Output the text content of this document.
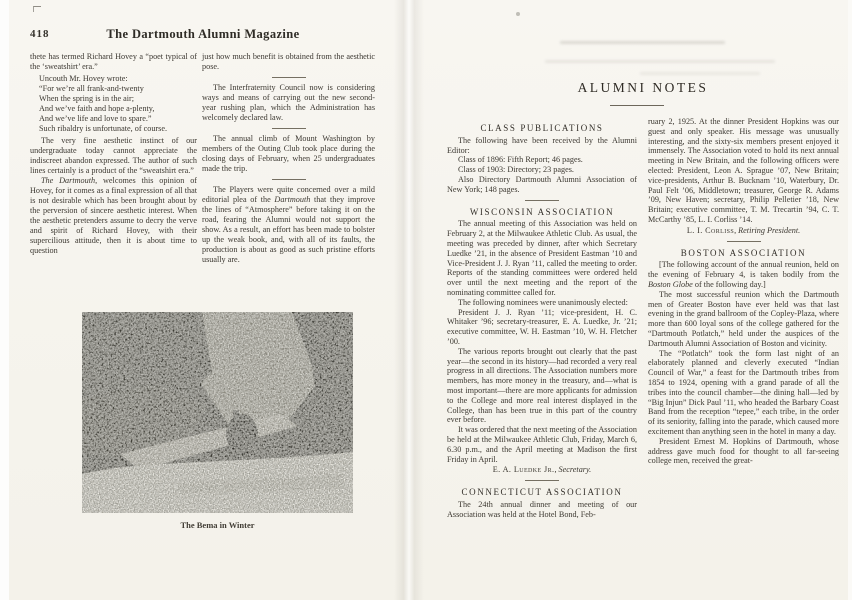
418	The Dartmouth Alumni Magazine
thete has termed Richard Hovey a “poet typical of the ‘sweatshirt’ era.”
Uncouth Mr. Hovey wrote:
“For we’re all frank-and-twenty
When the spring is in the air;
And we’ve faith and hope a-plenty,
And we’ve life and love to spare.”
Such ribaldry is unfortunate, of course.
The very fine aesthetic instinct of our undergraduate today cannot appreciate the indiscreet abandon expressed. The author of such lines certainly is a product of the “sweatshirt era.”
The Dartmouth, welcomes this opinion of Hovey, for it comes as a final expression of all that is not desirable which has been brought about by the perversion of sincere aesthetic interest. When the aesthetic pretenders assume to decry the verve and spirit of Richard Hovey, with their supercilious attitude, then it is about time to question
just how much benefit is obtained from the aesthetic pose.
The Interfraternity Council now is considering ways and means of carrying out the new second-year rushing plan, which the Administration has welcomely declared law.
The annual climb of Mount Washington by members of the Outing Club took place during the closing days of February, when 25 undergraduates made the trip.
The Players were quite concerned over a mild editorial plea of the Dartmouth that they improve the lines of “Atmosphere” before taking it on the road, fearing the Alumni would not support the show. As a result, an effort has been made to bolster up the weak book, and, with all of its faults, the production is about as good as such pristine efforts usually are.
The Bema in Winter
ALUMNI NOTES
CLASS PUBLICATIONS
The following have been received by the Alumni Editor:
Class of 1896: Fifth Report; 46 pages.
Class of 1903: Directory; 23 pages.
Also Directory Dartmouth Alumni Association of New York; 148 pages.
WISCONSIN ASSOCIATION
The annual meeting of this Association was held on February 2, at the Milwaukee Athletic Club. As usual, the meeting was preceded by dinner, after which Secretary Luedke ’21, in the absence of President Eastman ’10 and Vice-President J. J. Ryan ’11, called the meeting to order. Reports of the standing committees were ordered held over until the next meeting and the report of the nominating committee called for.
The following nominees were unanimously elected:
President J. J. Ryan ’11; vice-president, H. C. Whitaker ’96; secretary-treasurer, E. A. Luedke, Jr. ’21; executive committee, W. H. Eastman ’10, W. H. Fletcher ’00.
The various reports brought out clearly that the past year—the second in its history—had recorded a very real progress in all directions. The Association numbers more members, has more money in the treasury, and—what is most important—there are more applicants for admission to the College and more real interest displayed in the College, than has been true in this part of the country ever before.
It was ordered that the next meeting of the Association be held at the Milwaukee Athletic Club, Friday, March 6, 6.30 p.m., and the April meeting at Madison the first Friday in April.
E. A. Luedke Jr., Secretary.
CONNECTICUT ASSOCIATION
The 24th annual dinner and meeting of our Association was held at the Hotel Bond, Feb-
ruary 2, 1925. At the dinner President Hopkins was our guest and only speaker. His message was unusually interesting, and the sixty-six members present enjoyed it immensely. The Association voted to hold its next annual meeting in New Britain, and the following officers were elected: President, Leon A. Sprague ’07, New Britain; vice-presidents, Arthur B. Bucknam ’10, Waterbury, Dr. Paul Felt ’06, Middletown; treasurer, George R. Adams ’09, New Haven; secretary, Philip Pelletier ’18, New Britain; executive committee, T. M. Trecartin ’94, C. T. McCarthy ’85, L. I. Corliss ’14.
L. I. Corliss, Retiring President.
BOSTON ASSOCIATION
[The following account of the annual reunion, held on the evening of February 4, is taken bodily from the Boston Globe of the following day.]
The most successful reunion which the Dartmouth men of Greater Boston have ever held was that last evening in the grand ballroom of the Copley-Plaza, where more than 600 loyal sons of the college gathered for the “Dartmouth Potlatch,” held under the auspices of the Dartmouth Alumni Association of Boston and vicinity.
The “Potlatch” took the form last night of an elaborately planned and cleverly executed “Indian Council of War,” a feast for the Dartmouth tribes from 1854 to 1924, opening with a grand parade of all the tribes into the council chamber—the dining hall—led by “Big Injun” Dick Paul ’11, who headed the Barbary Coast Band from the reception “tepee,” each tribe, in the order of its seniority, falling into the parade, which caused more excitement than anything seen in the hotel in many a day.
President Ernest M. Hopkins of Dartmouth, whose address gave much food for thought to all far-seeing college men, received the great-
